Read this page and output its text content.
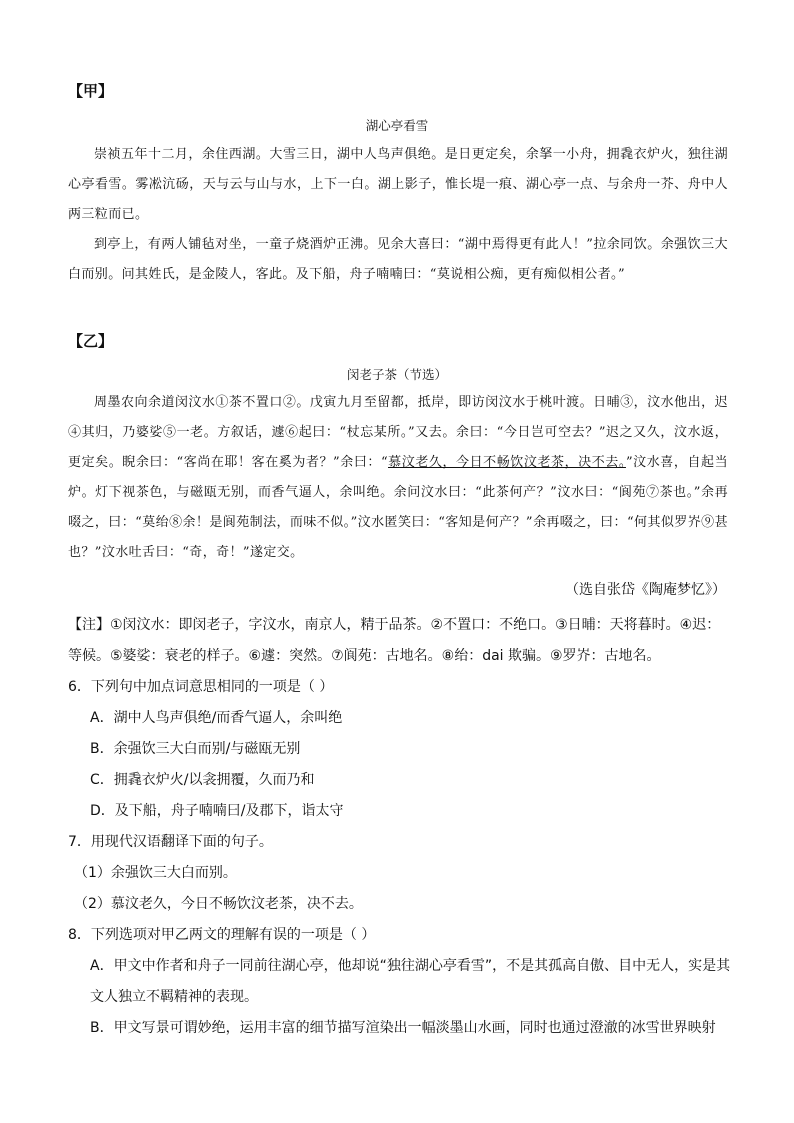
【甲】
湖心亭看雪

崇祯五年十二月，余住西湖。大雪三日，湖中人鸟声俱绝。是日更定矣，余拏一小舟，拥毳衣炉火，独往湖心亭看雪。雾凇沆砀，天与云与山与水，上下一白。湖上影子，惟长堤一痕、湖心亭一点、与余舟一芥、舟中人两三粒而已。

到亭上，有两人铺毡对坐，一童子烧酒炉正沸。见余大喜曰：“湖中焉得更有此人！”拉余同饮。余强饮三大白而别。问其姓氏，是金陵人，客此。及下船，舟子喃喃曰：“莫说相公痴，更有痴似相公者。”

【乙】
闵老子茶（节选）

周墨农向余道闵汶水①茶不置口②。戊寅九月至留都，抵岸，即访闵汶水于桃叶渡。日晡③，汶水他出，迟④其归，乃婆娑⑤一老。方叙话，遽⑥起曰：“杖忘某所。”又去。余曰：“今日岂可空去？”迟之又久，汶水返，更定矣。睨余曰：“客尚在耶！客在奚为者？”余曰：“慕汶老久，今日不畅饮汶老茶，决不去。”汶水喜，自起当炉。灯下视茶色，与磁瓯无别，而香气逼人，余叫绝。余问汶水曰：“此茶何产？”汶水曰：“阆苑⑦茶也。”余再啜之，曰：“莫绐⑧余！是阆苑制法，而味不似。”汶水匿笑曰：“客知是何产？”余再啜之，曰：“何其似罗岕⑨甚也？”汶水吐舌曰：“奇，奇！”遂定交。

（选自张岱《陶庵梦忆》）
【注】①闵汶水：即闵老子，字汶水，南京人，精于品茶。②不置口：不绝口。③日晡：天将暮时。④迟：等候。⑤婆娑：衰老的样子。⑥遽：突然。⑦阆苑：古地名。⑧绐：dai 欺骗。⑨罗岕：古地名。
6．下列句中加点词意思相同的一项是（ ）
A．湖中人鸟声俱绝/而香气逼人，余叫绝
B．余强饮三大白而别/与磁瓯无别
C．拥毳衣炉火/以衾拥覆，久而乃和
D．及下船，舟子喃喃曰/及郡下，诣太守
7．用现代汉语翻译下面的句子。
（1）余强饮三大白而别。
（2）慕汶老久，今日不畅饮汶老茶，决不去。
8．下列选项对甲乙两文的理解有误的一项是（ ）
A．甲文中作者和舟子一同前往湖心亭，他却说“独往湖心亭看雪”，不是其孤高自傲、目中无人，实是其文人独立不羁精神的表现。
B．甲文写景可谓妙绝，运用丰富的细节描写渲染出一幅淡墨山水画，同时也通过澄澈的冰雪世界映射
